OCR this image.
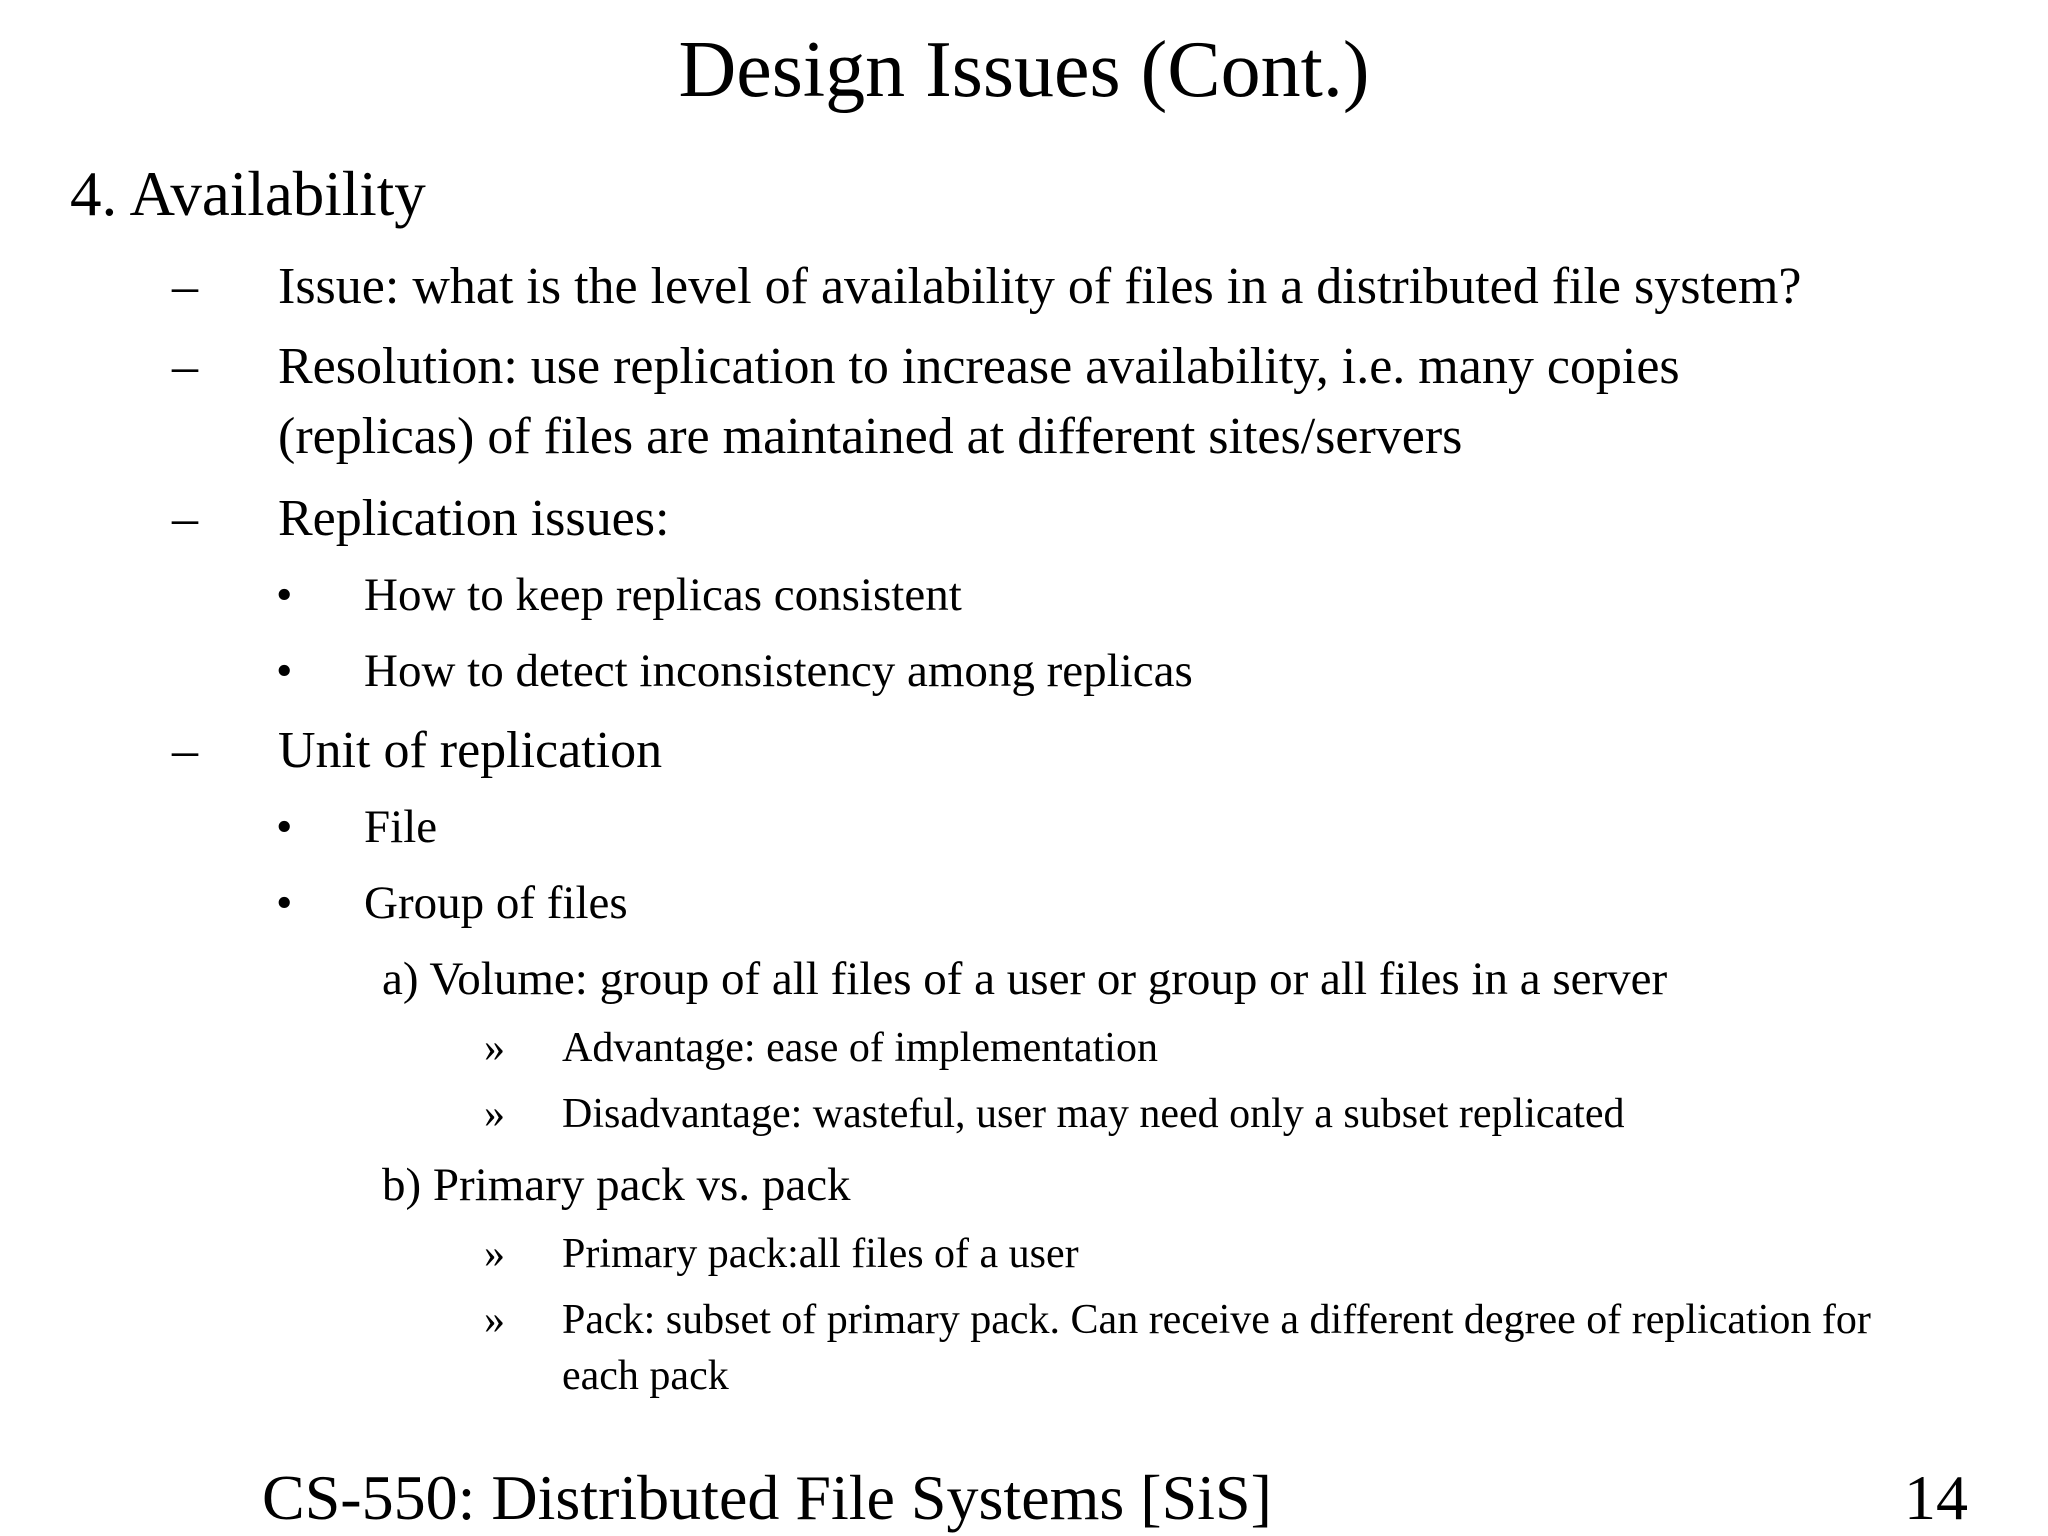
Design Issues (Cont.)
4. Availability
– Issue: what is the level of availability of files in a distributed file system?
– Resolution: use replication to increase availability, i.e. many copies
(replicas) of files are maintained at different sites/servers
– Replication issues:
• How to keep replicas consistent
• How to detect inconsistency among replicas
– Unit of replication
• File
• Group of files
a) Volume: group of all files of a user or group or all files in a server
» Advantage: ease of implementation
» Disadvantage: wasteful, user may need only a subset replicated
b) Primary pack vs. pack
» Primary pack:all files of a user
» Pack: subset of primary pack. Can receive a different degree of replication for
each pack
CS-550: Distributed File Systems [SiS]	14
